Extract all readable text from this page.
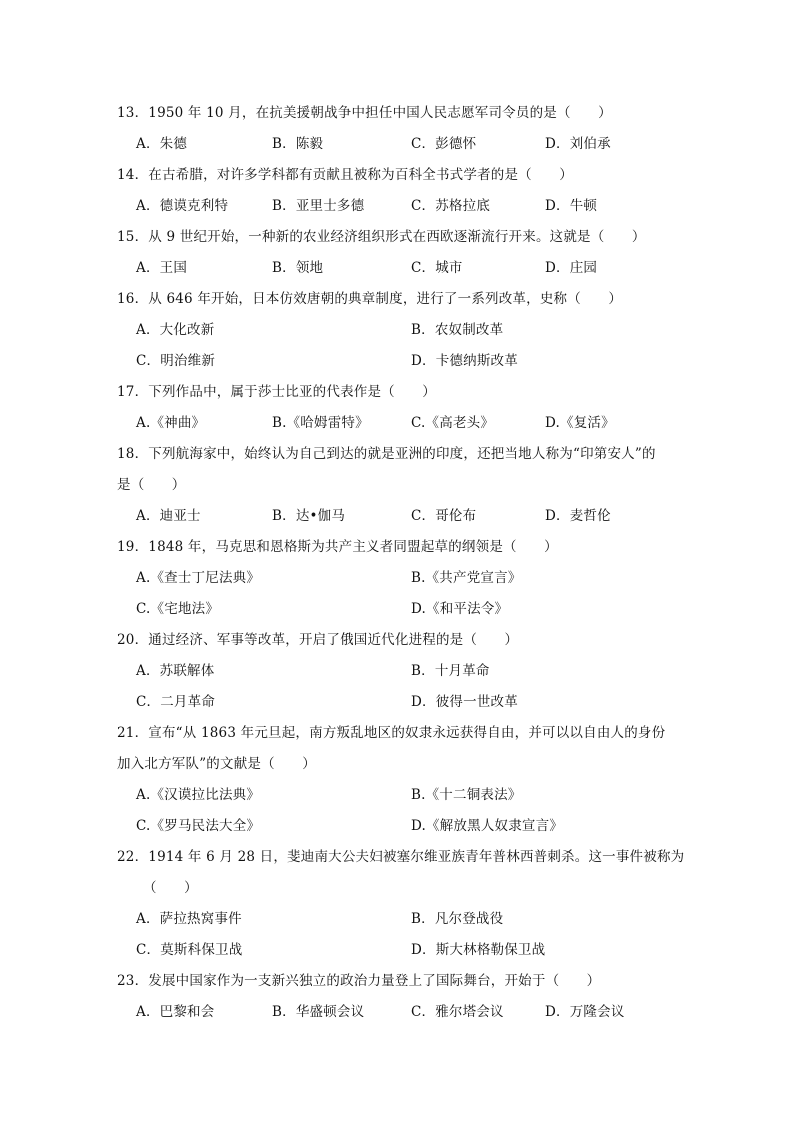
13．1950 年 10 月，在抗美援朝战争中担任中国人民志愿军司令员的是（　　）
A．朱德	B．陈毅	C．彭德怀	D．刘伯承
14．在古希腊，对许多学科都有贡献且被称为百科全书式学者的是（　　）
A．德谟克利特	B．亚里士多德	C．苏格拉底	D．牛顿
15．从 9 世纪开始，一种新的农业经济组织形式在西欧逐渐流行开来。这就是（　　）
A．王国	B．领地	C．城市	D．庄园
16．从 646 年开始，日本仿效唐朝的典章制度，进行了一系列改革，史称（　　）
A．大化改新	B．农奴制改革
C．明治维新	D．卡德纳斯改革
17．下列作品中，属于莎士比亚的代表作是（　　）
A.《神曲》	B.《哈姆雷特》	C.《高老头》	D.《复活》
18．下列航海家中，始终认为自己到达的就是亚洲的印度，还把当地人称为“印第安人”的
是（　　）
A．迪亚士	B．达•伽马	C．哥伦布	D．麦哲伦
19．1848 年，马克思和恩格斯为共产主义者同盟起草的纲领是（　　）
A.《查士丁尼法典》	B.《共产党宣言》
C.《宅地法》	D.《和平法令》
20．通过经济、军事等改革，开启了俄国近代化进程的是（　　）
A．苏联解体	B．十月革命
C．二月革命	D．彼得一世改革
21．宣布“从 1863 年元旦起，南方叛乱地区的奴隶永远获得自由，并可以以自由人的身份
加入北方军队”的文献是（　　）
A.《汉谟拉比法典》	B.《十二铜表法》
C.《罗马民法大全》	D.《解放黑人奴隶宣言》
22．1914 年 6 月 28 日，斐迪南大公夫妇被塞尔维亚族青年普林西普刺杀。这一事件被称为
（　　）
A．萨拉热窝事件	B．凡尔登战役
C．莫斯科保卫战	D．斯大林格勒保卫战
23．发展中国家作为一支新兴独立的政治力量登上了国际舞台，开始于（　　）
A．巴黎和会	B．华盛顿会议	C．雅尔塔会议	D．万隆会议
